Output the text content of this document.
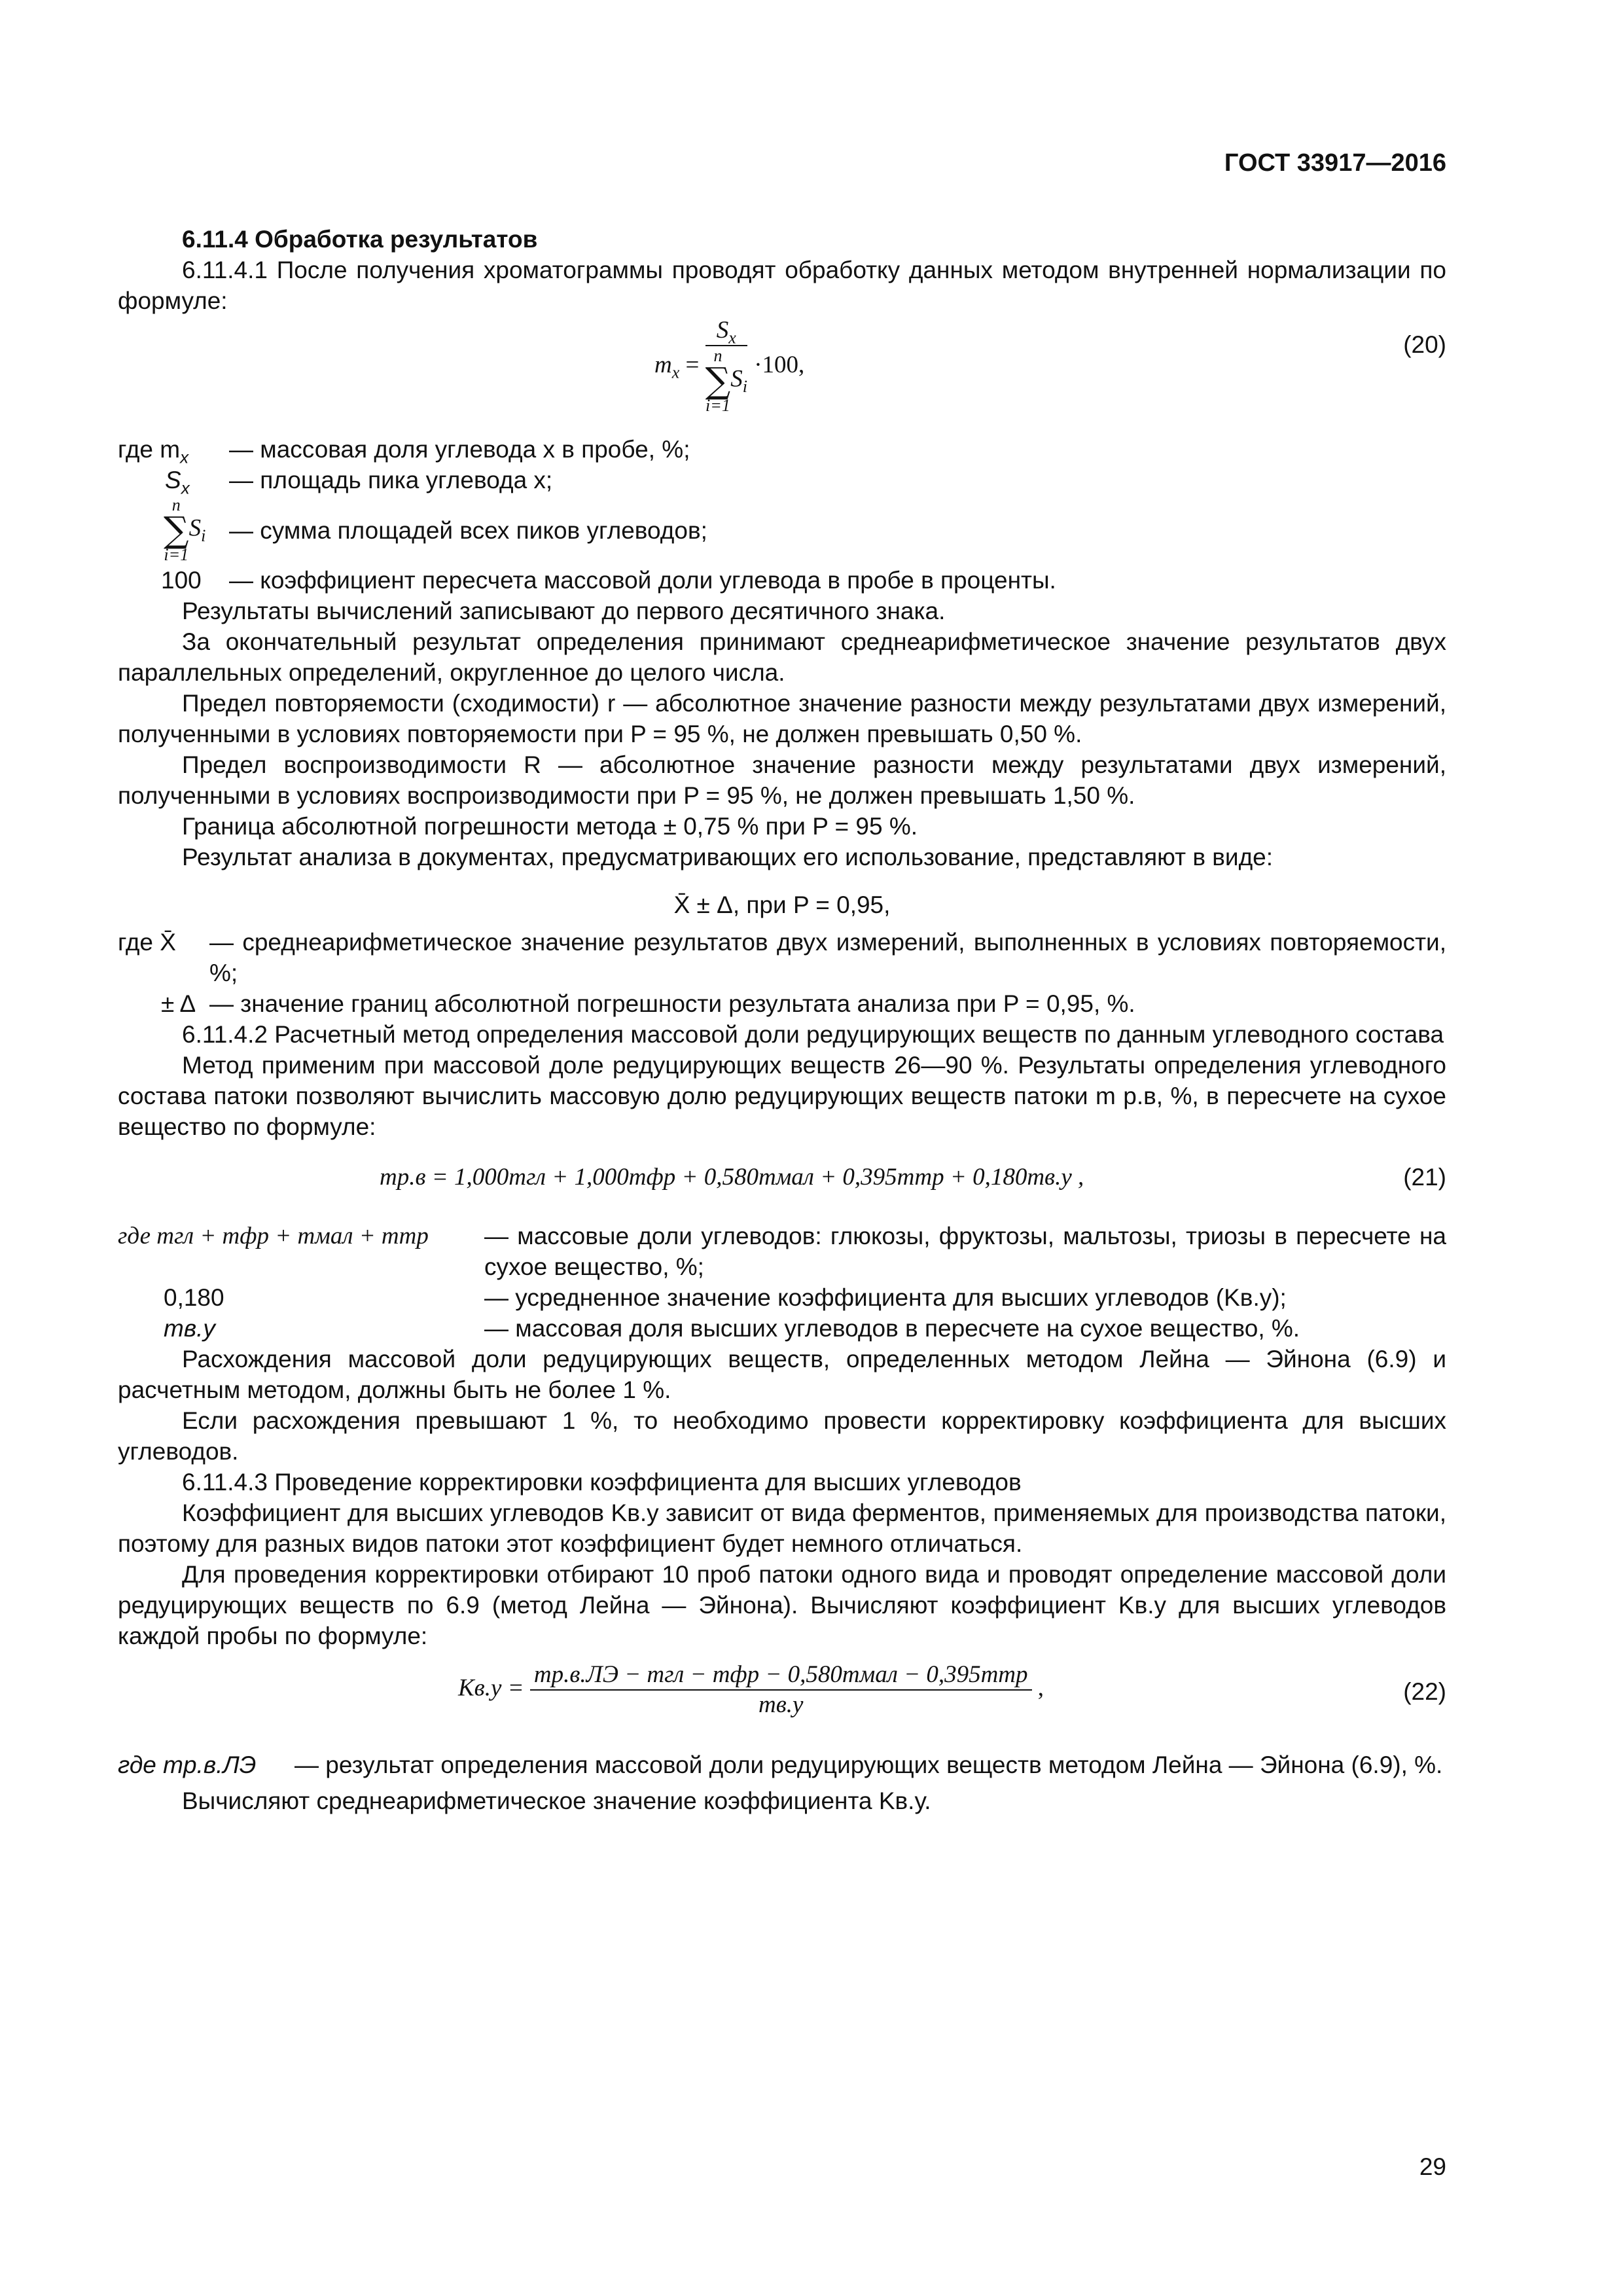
ГОСТ 33917—2016

6.11.4 Обработка результатов

6.11.4.1 После получения хроматограммы проводят обработку данных методом внутренней нормализации по формуле:

$m_x = S_x$
n
∑
i=1
$S_i \cdot 100$,
(20)
где $m_x$	— массовая доля углевода x в пробе, %;
$S_x$	— площадь пика углевода x;
n
∑
i=1
$S_i$ — сумма площадей всех пиков углеводов;
100	— коэффициент пересчета массовой доли углевода в пробе в проценты.

Результаты вычислений записывают до первого десятичного знака.

За окончательный результат определения принимают среднеарифметическое значение результатов двух параллельных определений, округленное до целого числа.

Предел повторяемости (сходимости) r — абсолютное значение разности между результатами двух измерений, полученными в условиях повторяемости при P = 95 %, не должен превышать 0,50 %.

Предел воспроизводимости R — абсолютное значение разности между результатами двух измерений, полученными в условиях воспроизводимости при P = 95 %, не должен превышать 1,50 %.

Граница абсолютной погрешности метода ± 0,75 % при P = 95 %.

Результат анализа в документах, предусматривающих его использование, представляют в виде:

X̄ ± Δ, при P = 0,95,

где X̄	— среднеарифметическое значение результатов двух измерений, выполненных в условиях повторяемости, %;
± Δ — значение границ абсолютной погрешности результата анализа при P = 0,95, %.

6.11.4.2 Расчетный метод определения массовой доли редуцирующих веществ по данным углеводного состава

Метод применим при массовой доле редуцирующих веществ 26—90 %. Результаты определения углеводного состава патоки позволяют вычислить массовую долю редуцирующих веществ патоки m р.в, %, в пересчете на сухое вещество по формуле:

mр.в = 1,000mгл + 1,000mфр + 0,580mмал + 0,395mтр + 0,180mв.у ,	(21)
где mгл + mфр + mмал + mтр	— массовые доли углеводов: глюкозы, фруктозы, мальтозы, триозы в пересчете на сухое вещество, %;
0,180	— усредненное значение коэффициента для высших углеводов (Kв.у);
mв.у	— массовая доля высших углеводов в пересчете на сухое вещество, %.

Расхождения массовой доли редуцирующих веществ, определенных методом Лейна — Эйнона (6.9) и расчетным методом, должны быть не более 1 %.

Если расхождения превышают 1 %, то необходимо провести корректировку коэффициента для высших углеводов.

6.11.4.3 Проведение корректировки коэффициента для высших углеводов

Коэффициент для высших углеводов Kв.у зависит от вида ферментов, применяемых для производства патоки, поэтому для разных видов патоки этот коэффициент будет немного отличаться.

Для проведения корректировки отбирают 10 проб патоки одного вида и проводят определение массовой доли редуцирующих веществ по 6.9 (метод Лейна — Эйнона). Вычисляют коэффициент Kв.у для высших углеводов каждой пробы по формуле:

$Kв.у = \frac{\text{mр.в.ЛЭ − mгл − mфр − 0,580mмал − 0,395mтр}}{mв.у}$ ,	(22)
где mр.в.ЛЭ	— результат определения массовой доли редуцирующих веществ методом Лейна — Эйнона (6.9), %.

Вычисляют среднеарифметическое значение коэффициента Kв.у.

29
